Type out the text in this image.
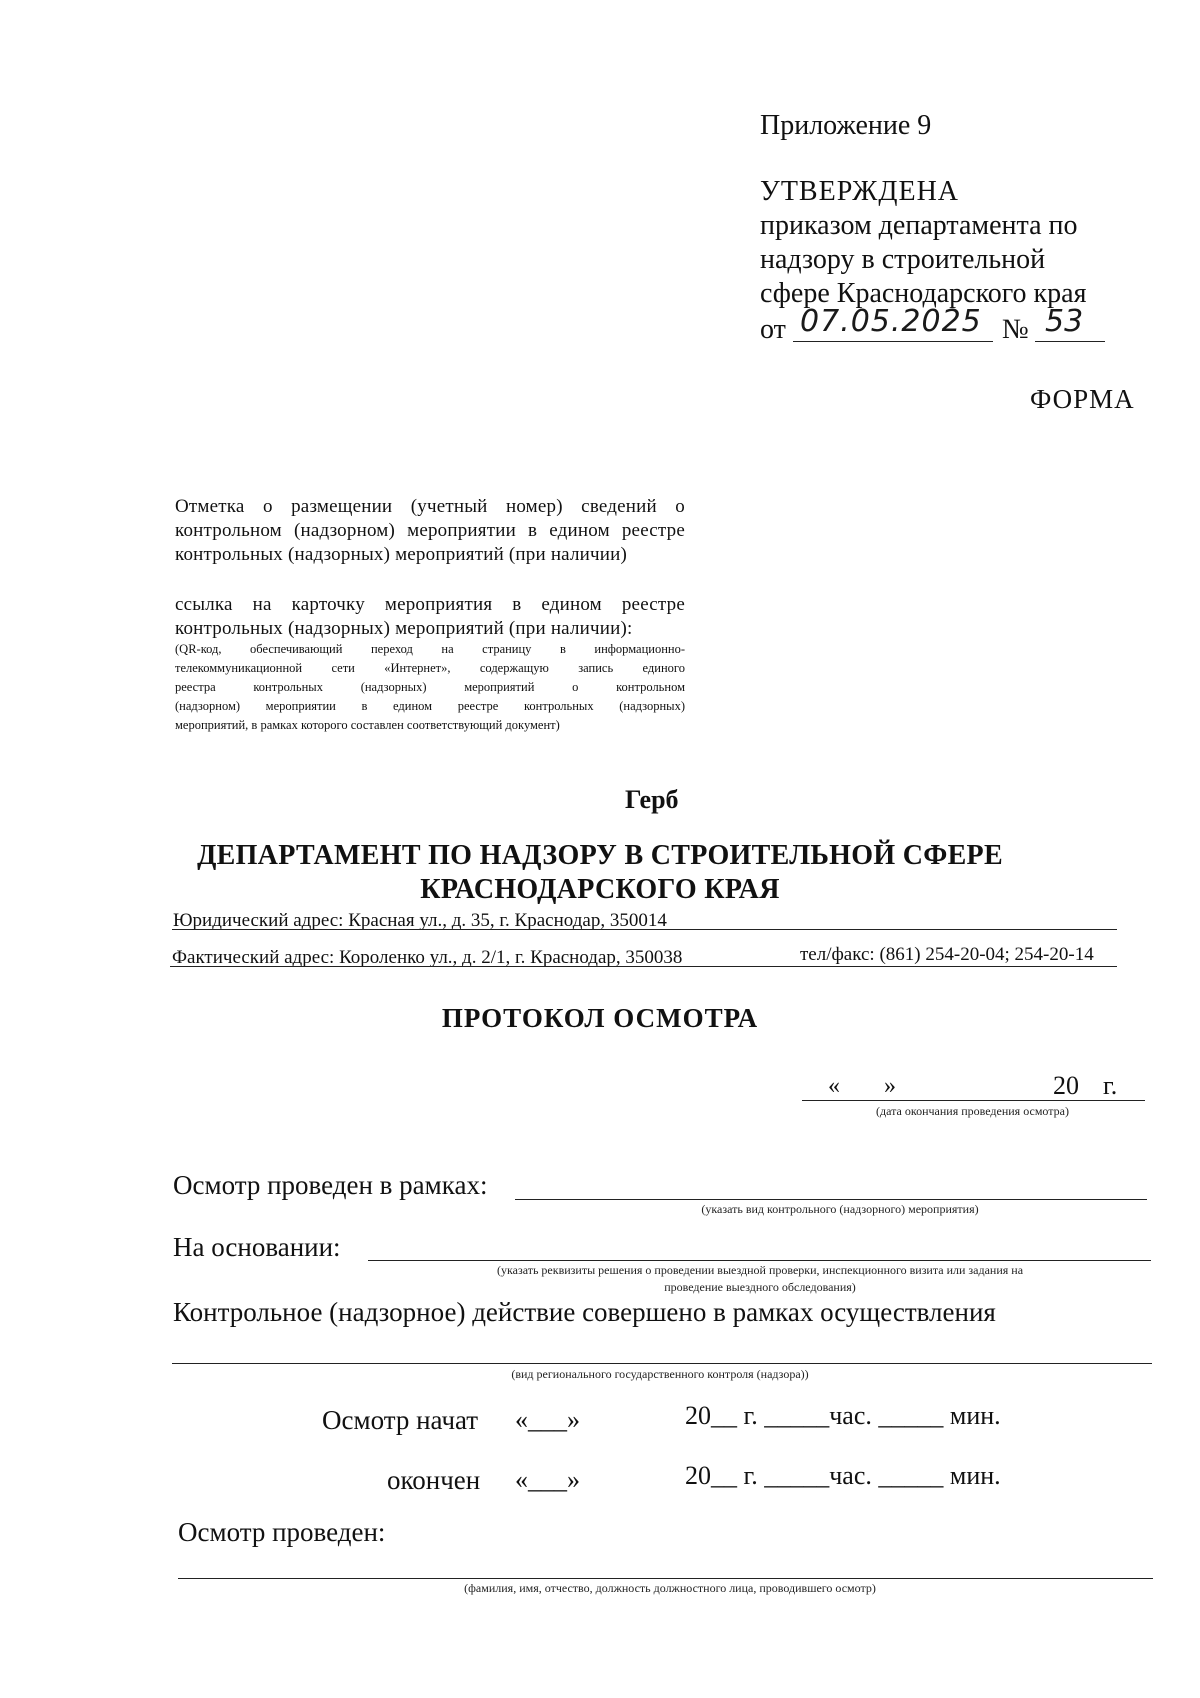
Приложение 9
УТВЕРЖДЕНА
приказом департамента по
надзору в строительной
сфере Краснодарского края
от 07.05.2025 № 53
ФОРМА
Отметка о размещении (учетный номер) сведений о
контрольном (надзорном) мероприятии в едином реестре
контрольных (надзорных) мероприятий (при наличии)
ссылка на карточку мероприятия в едином реестре
контрольных (надзорных) мероприятий (при наличии):
(QR-код, обеспечивающий переход на страницу в информационно-
телекоммуникационной сети «Интернет», содержащую запись единого
реестра контрольных (надзорных) мероприятий о контрольном
(надзорном) мероприятии в едином реестре контрольных (надзорных)
мероприятий, в рамках которого составлен соответствующий документ)
Герб
ДЕПАРТАМЕНТ ПО НАДЗОРУ В СТРОИТЕЛЬНОЙ СФЕРЕ
КРАСНОДАРСКОГО КРАЯ
Юридический адрес: Красная ул., д. 35, г. Краснодар, 350014
Фактический адрес: Короленко ул., д. 2/1, г. Краснодар, 350038	тел/факс: (861) 254-20-04; 254-20-14
ПРОТОКОЛ ОСМОТРА
« »	20 г.
(дата окончания проведения осмотра)
Осмотр проведен в рамках:
(указать вид контрольного (надзорного) мероприятия)
На основании:
(указать реквизиты решения о проведении выездной проверки, инспекционного визита или задания на
проведение выездного обследования)
Контрольное (надзорное) действие совершено в рамках осуществления
(вид регионального государственного контроля (надзора))
Осмотр начат «___»	20__ г. _____час. _____ мин.
окончен «___»	20__ г. _____час. _____ мин.
Осмотр проведен:
(фамилия, имя, отчество, должность должностного лица, проводившего осмотр)
